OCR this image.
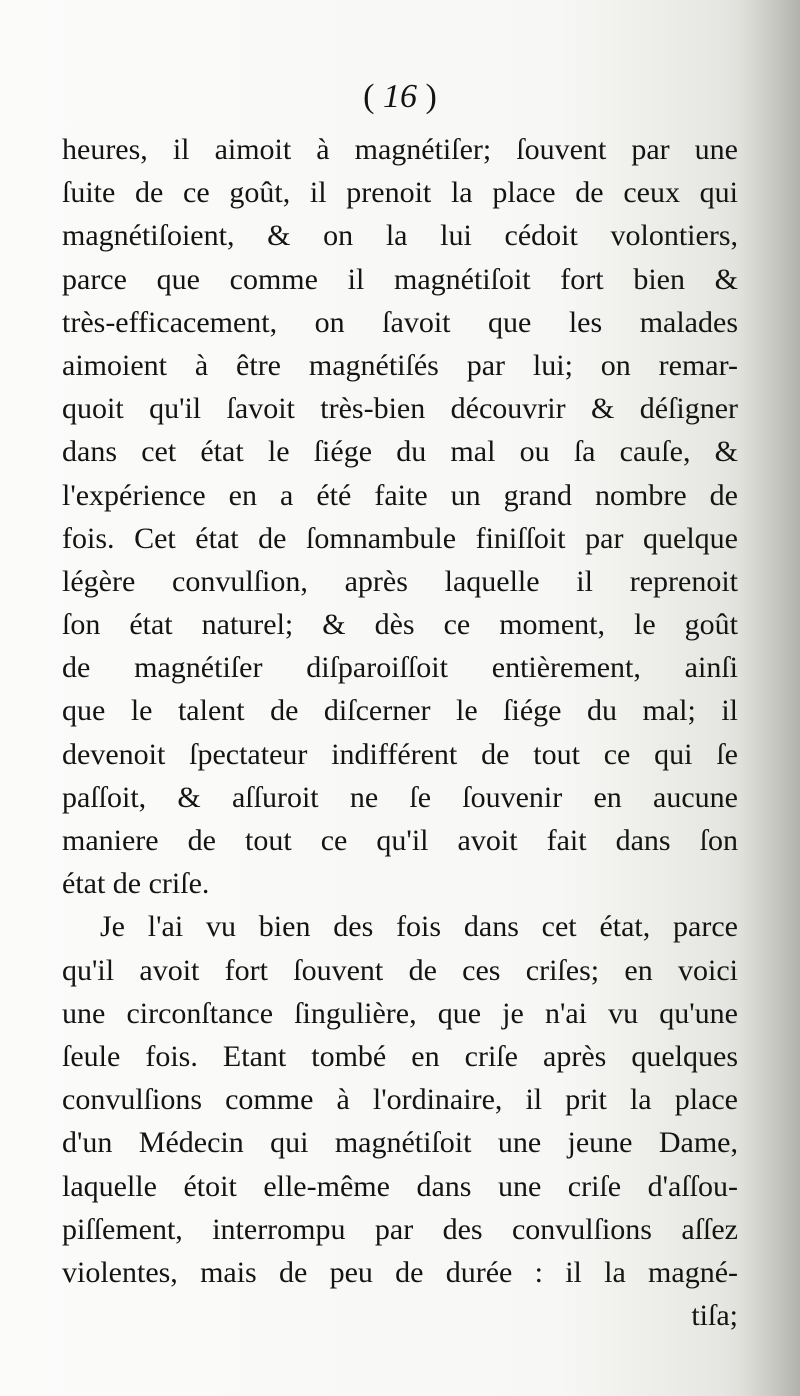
( 16 )
heures, il aimoit à magnétiſer; ſouvent par une
ſuite de ce goût, il prenoit la place de ceux qui
magnétiſoient, & on la lui cédoit volontiers,
parce que comme il magnétiſoit fort bien &
très-efficacement, on ſavoit que les malades
aimoient à être magnétiſés par lui; on remar-
quoit qu'il ſavoit très-bien découvrir & déſigner
dans cet état le ſiége du mal ou ſa cauſe, &
l'expérience en a été faite un grand nombre de
fois. Cet état de ſomnambule finiſſoit par quelque
légère convulſion, après laquelle il reprenoit
ſon état naturel; & dès ce moment, le goût
de magnétiſer diſparoiſſoit entièrement, ainſi
que le talent de diſcerner le ſiége du mal; il
devenoit ſpectateur indifférent de tout ce qui ſe
paſſoit, & aſſuroit ne ſe ſouvenir en aucune
maniere de tout ce qu'il avoit fait dans ſon
état de criſe.
Je l'ai vu bien des fois dans cet état, parce
qu'il avoit fort ſouvent de ces criſes; en voici
une circonſtance ſingulière, que je n'ai vu qu'une
ſeule fois. Etant tombé en criſe après quelques
convulſions comme à l'ordinaire, il prit la place
d'un Médecin qui magnétiſoit une jeune Dame,
laquelle étoit elle-même dans une criſe d'aſſou-
piſſement, interrompu par des convulſions aſſez
violentes, mais de peu de durée : il la magné-
tiſa;
